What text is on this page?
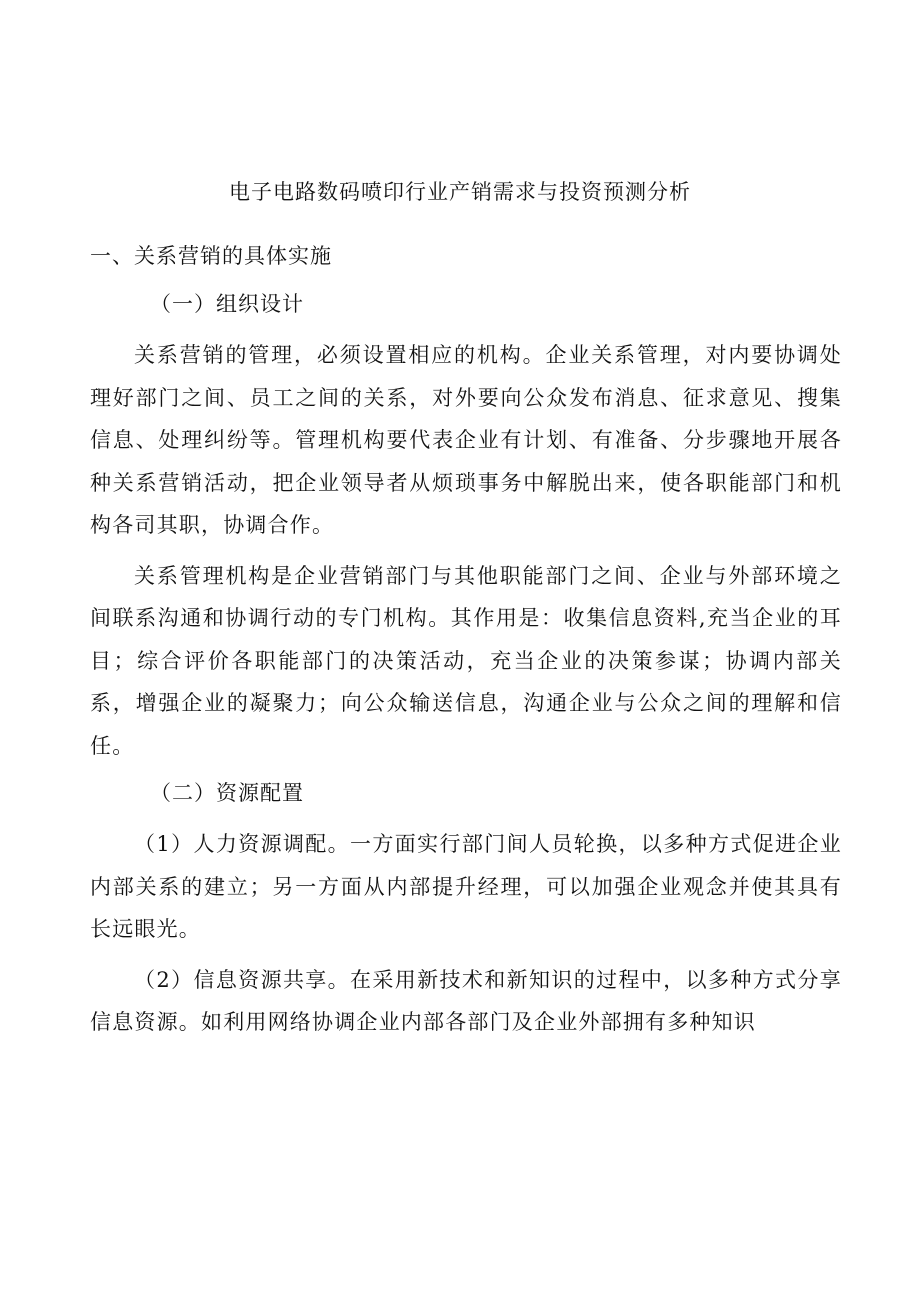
电子电路数码喷印行业产销需求与投资预测分析
一、关系营销的具体实施
（一）组织设计

关系营销的管理，必须设置相应的机构。企业关系管理，对内要协调处理好部门之间、员工之间的关系，对外要向公众发布消息、征求意见、搜集信息、处理纠纷等。管理机构要代表企业有计划、有准备、分步骤地开展各种关系营销活动，把企业领导者从烦琐事务中解脱出来，使各职能部门和机构各司其职，协调合作。

关系管理机构是企业营销部门与其他职能部门之间、企业与外部环境之间联系沟通和协调行动的专门机构。其作用是：收集信息资料,充当企业的耳目；综合评价各职能部门的决策活动，充当企业的决策参谋；协调内部关系，增强企业的凝聚力；向公众输送信息，沟通企业与公众之间的理解和信任。

（二）资源配置

（1）人力资源调配。一方面实行部门间人员轮换，以多种方式促进企业内部关系的建立；另一方面从内部提升经理，可以加强企业观念并使其具有长远眼光。

（2）信息资源共享。在采用新技术和新知识的过程中，以多种方式分享信息资源。如利用网络协调企业内部各部门及企业外部拥有多种知识
